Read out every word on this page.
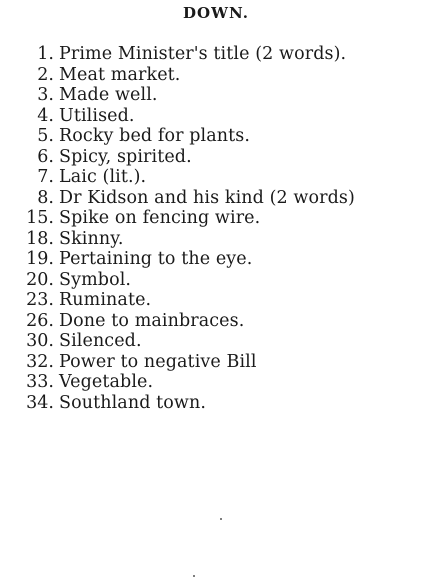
DOWN.
1. Prime Minister's title (2 words).
2. Meat market.
3. Made well.
4. Utilised.
5. Rocky bed for plants.
6. Spicy, spirited.
7. Laic (lit.).
8. Dr Kidson and his kind (2 words)
15. Spike on fencing wire.
18. Skinny.
19. Pertaining to the eye.
20. Symbol.
23. Ruminate.
26. Done to mainbraces.
30. Silenced.
32. Power to negative Bill
33. Vegetable.
34. Southland town.
